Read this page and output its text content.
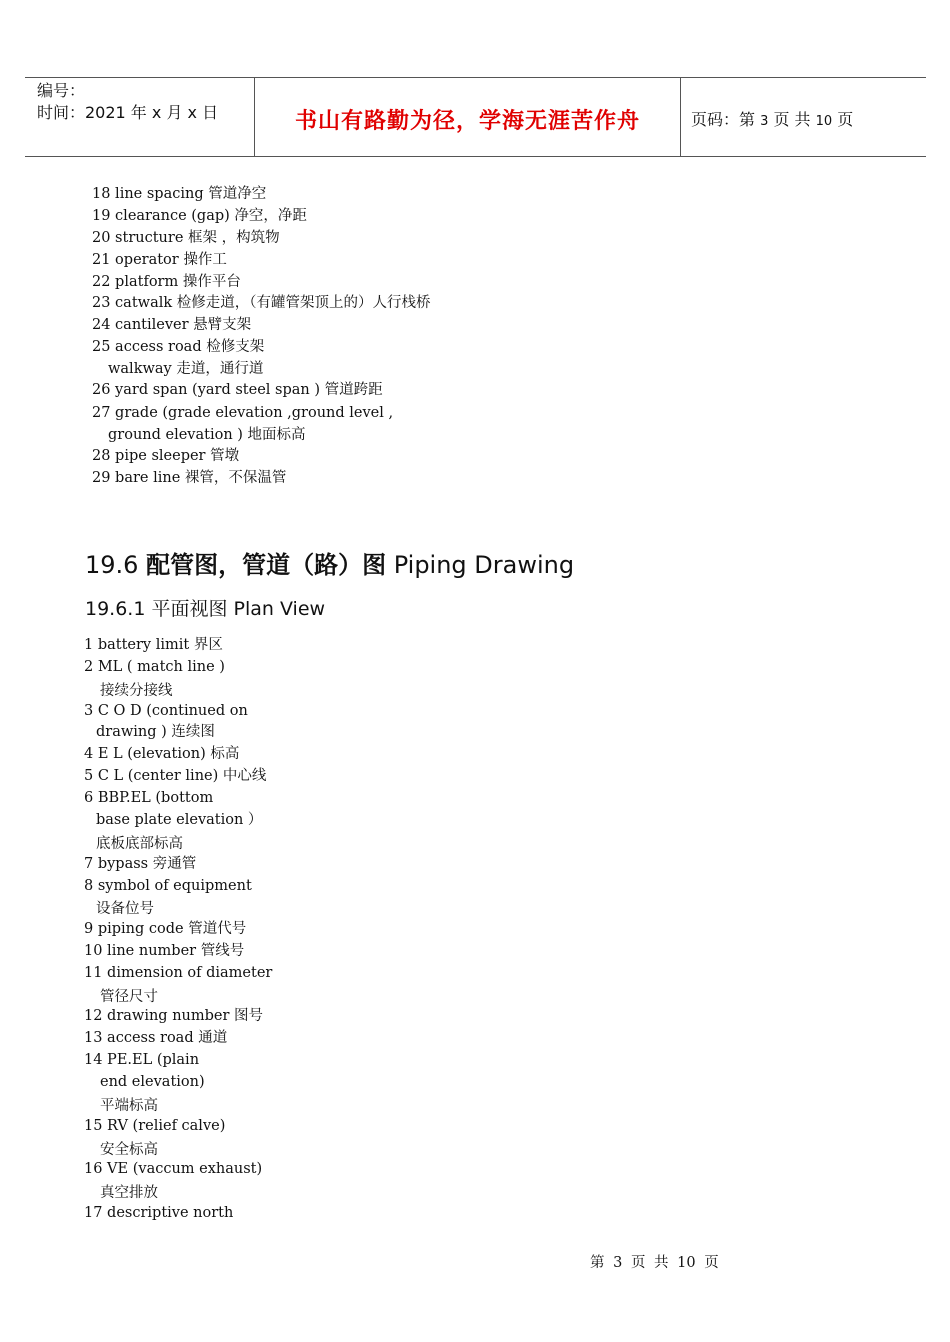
编号：
时间：2021 年 x 月 x 日	书山有路勤为径，学海无涯苦作舟	页码：第 3 页 共 10 页
18 line spacing 管道净空
19 clearance (gap) 净空，净距
20 structure 框架 ，构筑物
21 operator 操作工
22 platform 操作平台
23 catwalk 检修走道，（有罐管架顶上的）人行栈桥
24 cantilever 悬臂支架
25 access road 检修支架
walkway 走道，通行道
26 yard span (yard steel span ) 管道跨距
27 grade (grade elevation ,ground level ,
ground elevation ) 地面标高
28 pipe sleeper 管墩
29 bare line 裸管，不保温管
19.6 配管图，管道（路）图 Piping Drawing
19.6.1 平面视图 Plan View
1 battery limit 界区
2 ML ( match line )
接续分接线
3 C O D (continued on
drawing ) 连续图
4 E L (elevation) 标高
5 C L (center line) 中心线
6 BBP.EL (bottom
base plate elevation ）
底板底部标高
7 bypass 旁通管
8 symbol of equipment
设备位号
9 piping code 管道代号
10 line number 管线号
11 dimension of diameter
管径尺寸
12 drawing number 图号
13 access road 通道
14 PE.EL (plain
end elevation)
平端标高
15 RV (relief calve)
安全标高
16 VE (vaccum exhaust)
真空排放
17 descriptive north
第 3 页 共 10 页
